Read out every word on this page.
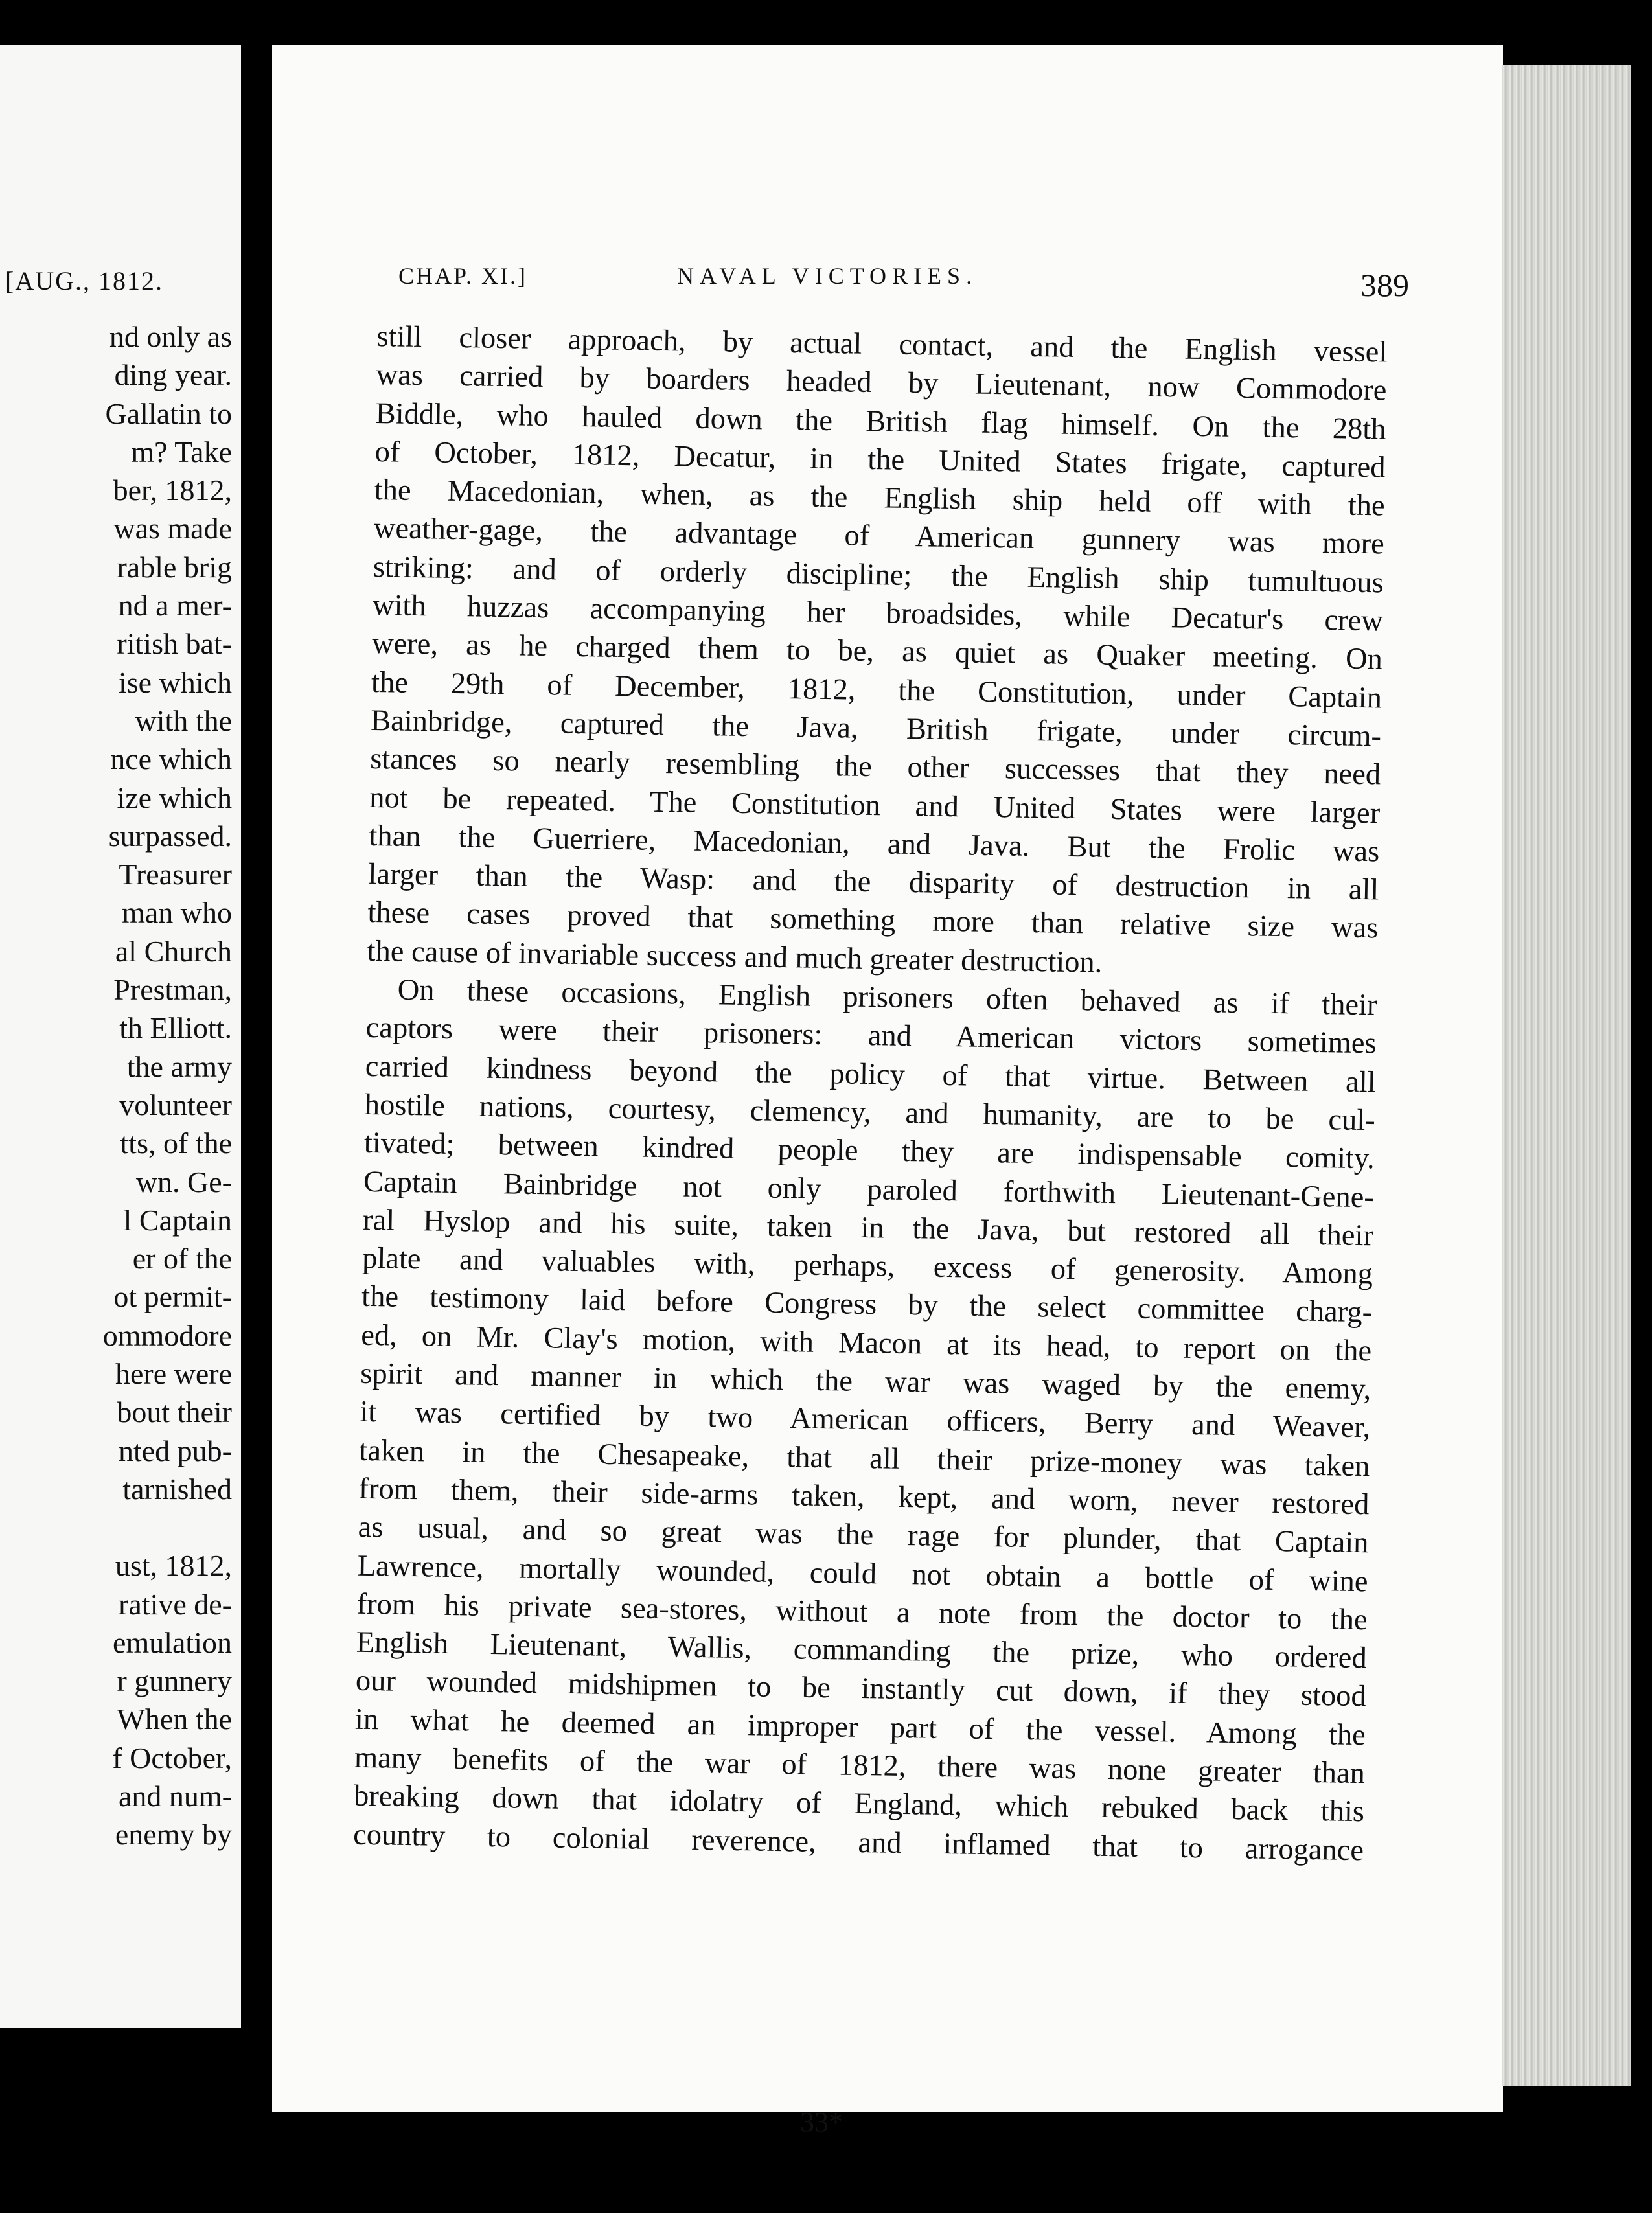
[AUG., 1812.
nd only as
ding year.
Gallatin to
m? Take
ber, 1812,
was made
rable brig
nd a mer-
ritish bat-
ise which
with the
nce which
ize which
surpassed.
Treasurer
man who
al Church
Prestman,
th Elliott.
the army
volunteer
tts, of the
wn. Ge-
l Captain
er of the
ot permit-
ommodore
here were
bout their
nted pub-
tarnished
ust, 1812,
rative de-
emulation
r gunnery
When the
f October,
and num-
enemy by
CHAP. XI.]	NAVAL VICTORIES.	389
still closer approach, by actual contact, and the English vessel
was carried by boarders headed by Lieutenant, now Commodore
Biddle, who hauled down the British flag himself. On the 28th
of October, 1812, Decatur, in the United States frigate, captured
the Macedonian, when, as the English ship held off with the
weather-gage, the advantage of American gunnery was more
striking: and of orderly discipline; the English ship tumultuous
with huzzas accompanying her broadsides, while Decatur's crew
were, as he charged them to be, as quiet as Quaker meeting. On
the 29th of December, 1812, the Constitution, under Captain
Bainbridge, captured the Java, British frigate, under circum-
stances so nearly resembling the other successes that they need
not be repeated. The Constitution and United States were larger
than the Guerriere, Macedonian, and Java. But the Frolic was
larger than the Wasp: and the disparity of destruction in all
these cases proved that something more than relative size was
the cause of invariable success and much greater destruction.
On these occasions, English prisoners often behaved as if their
captors were their prisoners: and American victors sometimes
carried kindness beyond the policy of that virtue. Between all
hostile nations, courtesy, clemency, and humanity, are to be cul-
tivated; between kindred people they are indispensable comity.
Captain Bainbridge not only paroled forthwith Lieutenant-Gene-
ral Hyslop and his suite, taken in the Java, but restored all their
plate and valuables with, perhaps, excess of generosity. Among
the testimony laid before Congress by the select committee charg-
ed, on Mr. Clay's motion, with Macon at its head, to report on the
spirit and manner in which the war was waged by the enemy,
it was certified by two American officers, Berry and Weaver,
taken in the Chesapeake, that all their prize-money was taken
from them, their side-arms taken, kept, and worn, never restored
as usual, and so great was the rage for plunder, that Captain
Lawrence, mortally wounded, could not obtain a bottle of wine
from his private sea-stores, without a note from the doctor to the
English Lieutenant, Wallis, commanding the prize, who ordered
our wounded midshipmen to be instantly cut down, if they stood
in what he deemed an improper part of the vessel. Among the
many benefits of the war of 1812, there was none greater than
breaking down that idolatry of England, which rebuked back this
country to colonial reverence, and inflamed that to arrogance
33*
